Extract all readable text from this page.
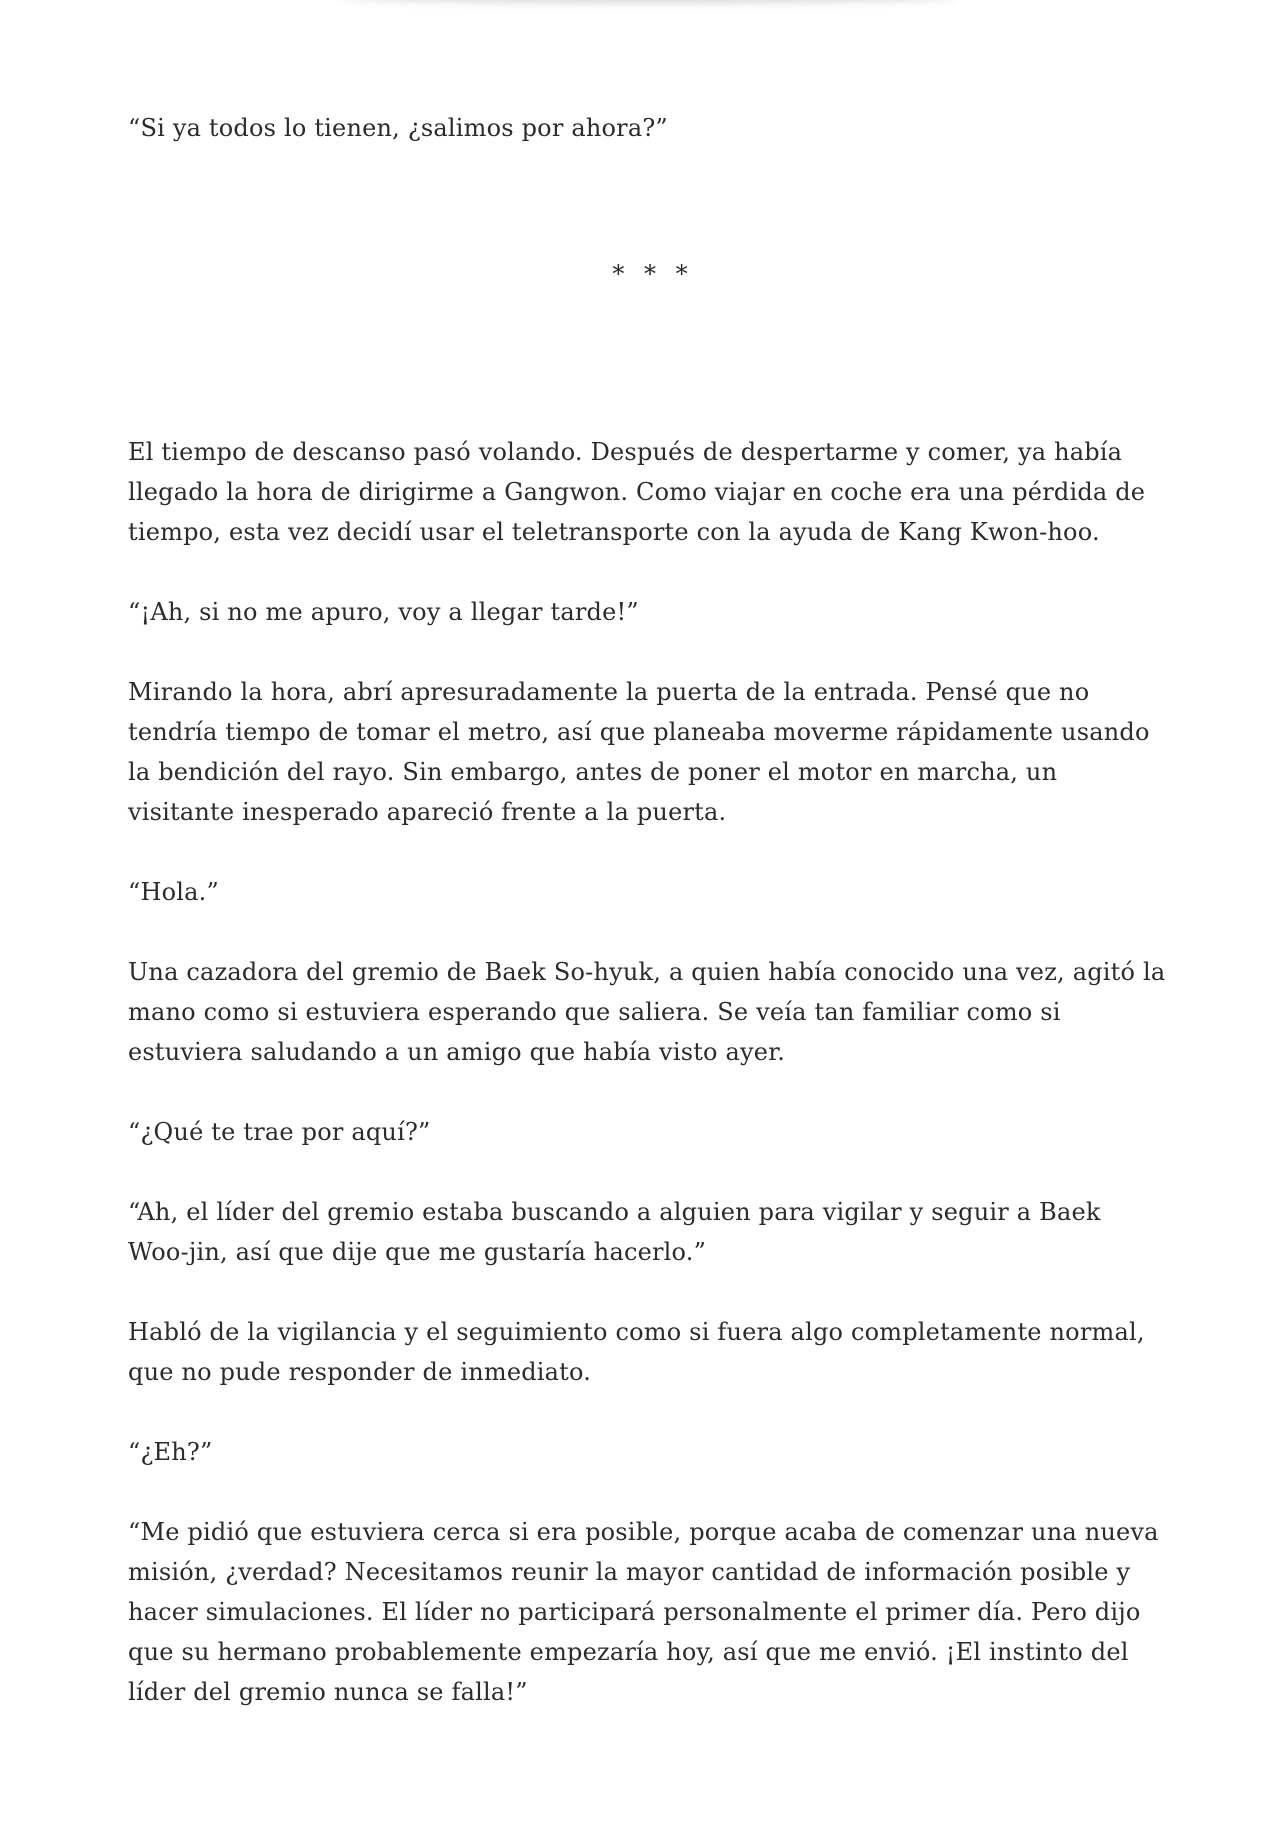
“Si ya todos lo tienen, ¿salimos por ahora?”

* * *

El tiempo de descanso pasó volando. Después de despertarme y comer, ya había llegado la hora de dirigirme a Gangwon. Como viajar en coche era una pérdida de tiempo, esta vez decidí usar el teletransporte con la ayuda de Kang Kwon-hoo.

“¡Ah, si no me apuro, voy a llegar tarde!”

Mirando la hora, abrí apresuradamente la puerta de la entrada. Pensé que no tendría tiempo de tomar el metro, así que planeaba moverme rápidamente usando la bendición del rayo. Sin embargo, antes de poner el motor en marcha, un visitante inesperado apareció frente a la puerta.

“Hola.”

Una cazadora del gremio de Baek So-hyuk, a quien había conocido una vez, agitó la mano como si estuviera esperando que saliera. Se veía tan familiar como si estuviera saludando a un amigo que había visto ayer.

“¿Qué te trae por aquí?”

“Ah, el líder del gremio estaba buscando a alguien para vigilar y seguir a Baek Woo-jin, así que dije que me gustaría hacerlo.”

Habló de la vigilancia y el seguimiento como si fuera algo completamente normal, que no pude responder de inmediato.

“¿Eh?”

“Me pidió que estuviera cerca si era posible, porque acaba de comenzar una nueva misión, ¿verdad? Necesitamos reunir la mayor cantidad de información posible y hacer simulaciones. El líder no participará personalmente el primer día. Pero dijo que su hermano probablemente empezaría hoy, así que me envió. ¡El instinto del líder del gremio nunca se falla!”
